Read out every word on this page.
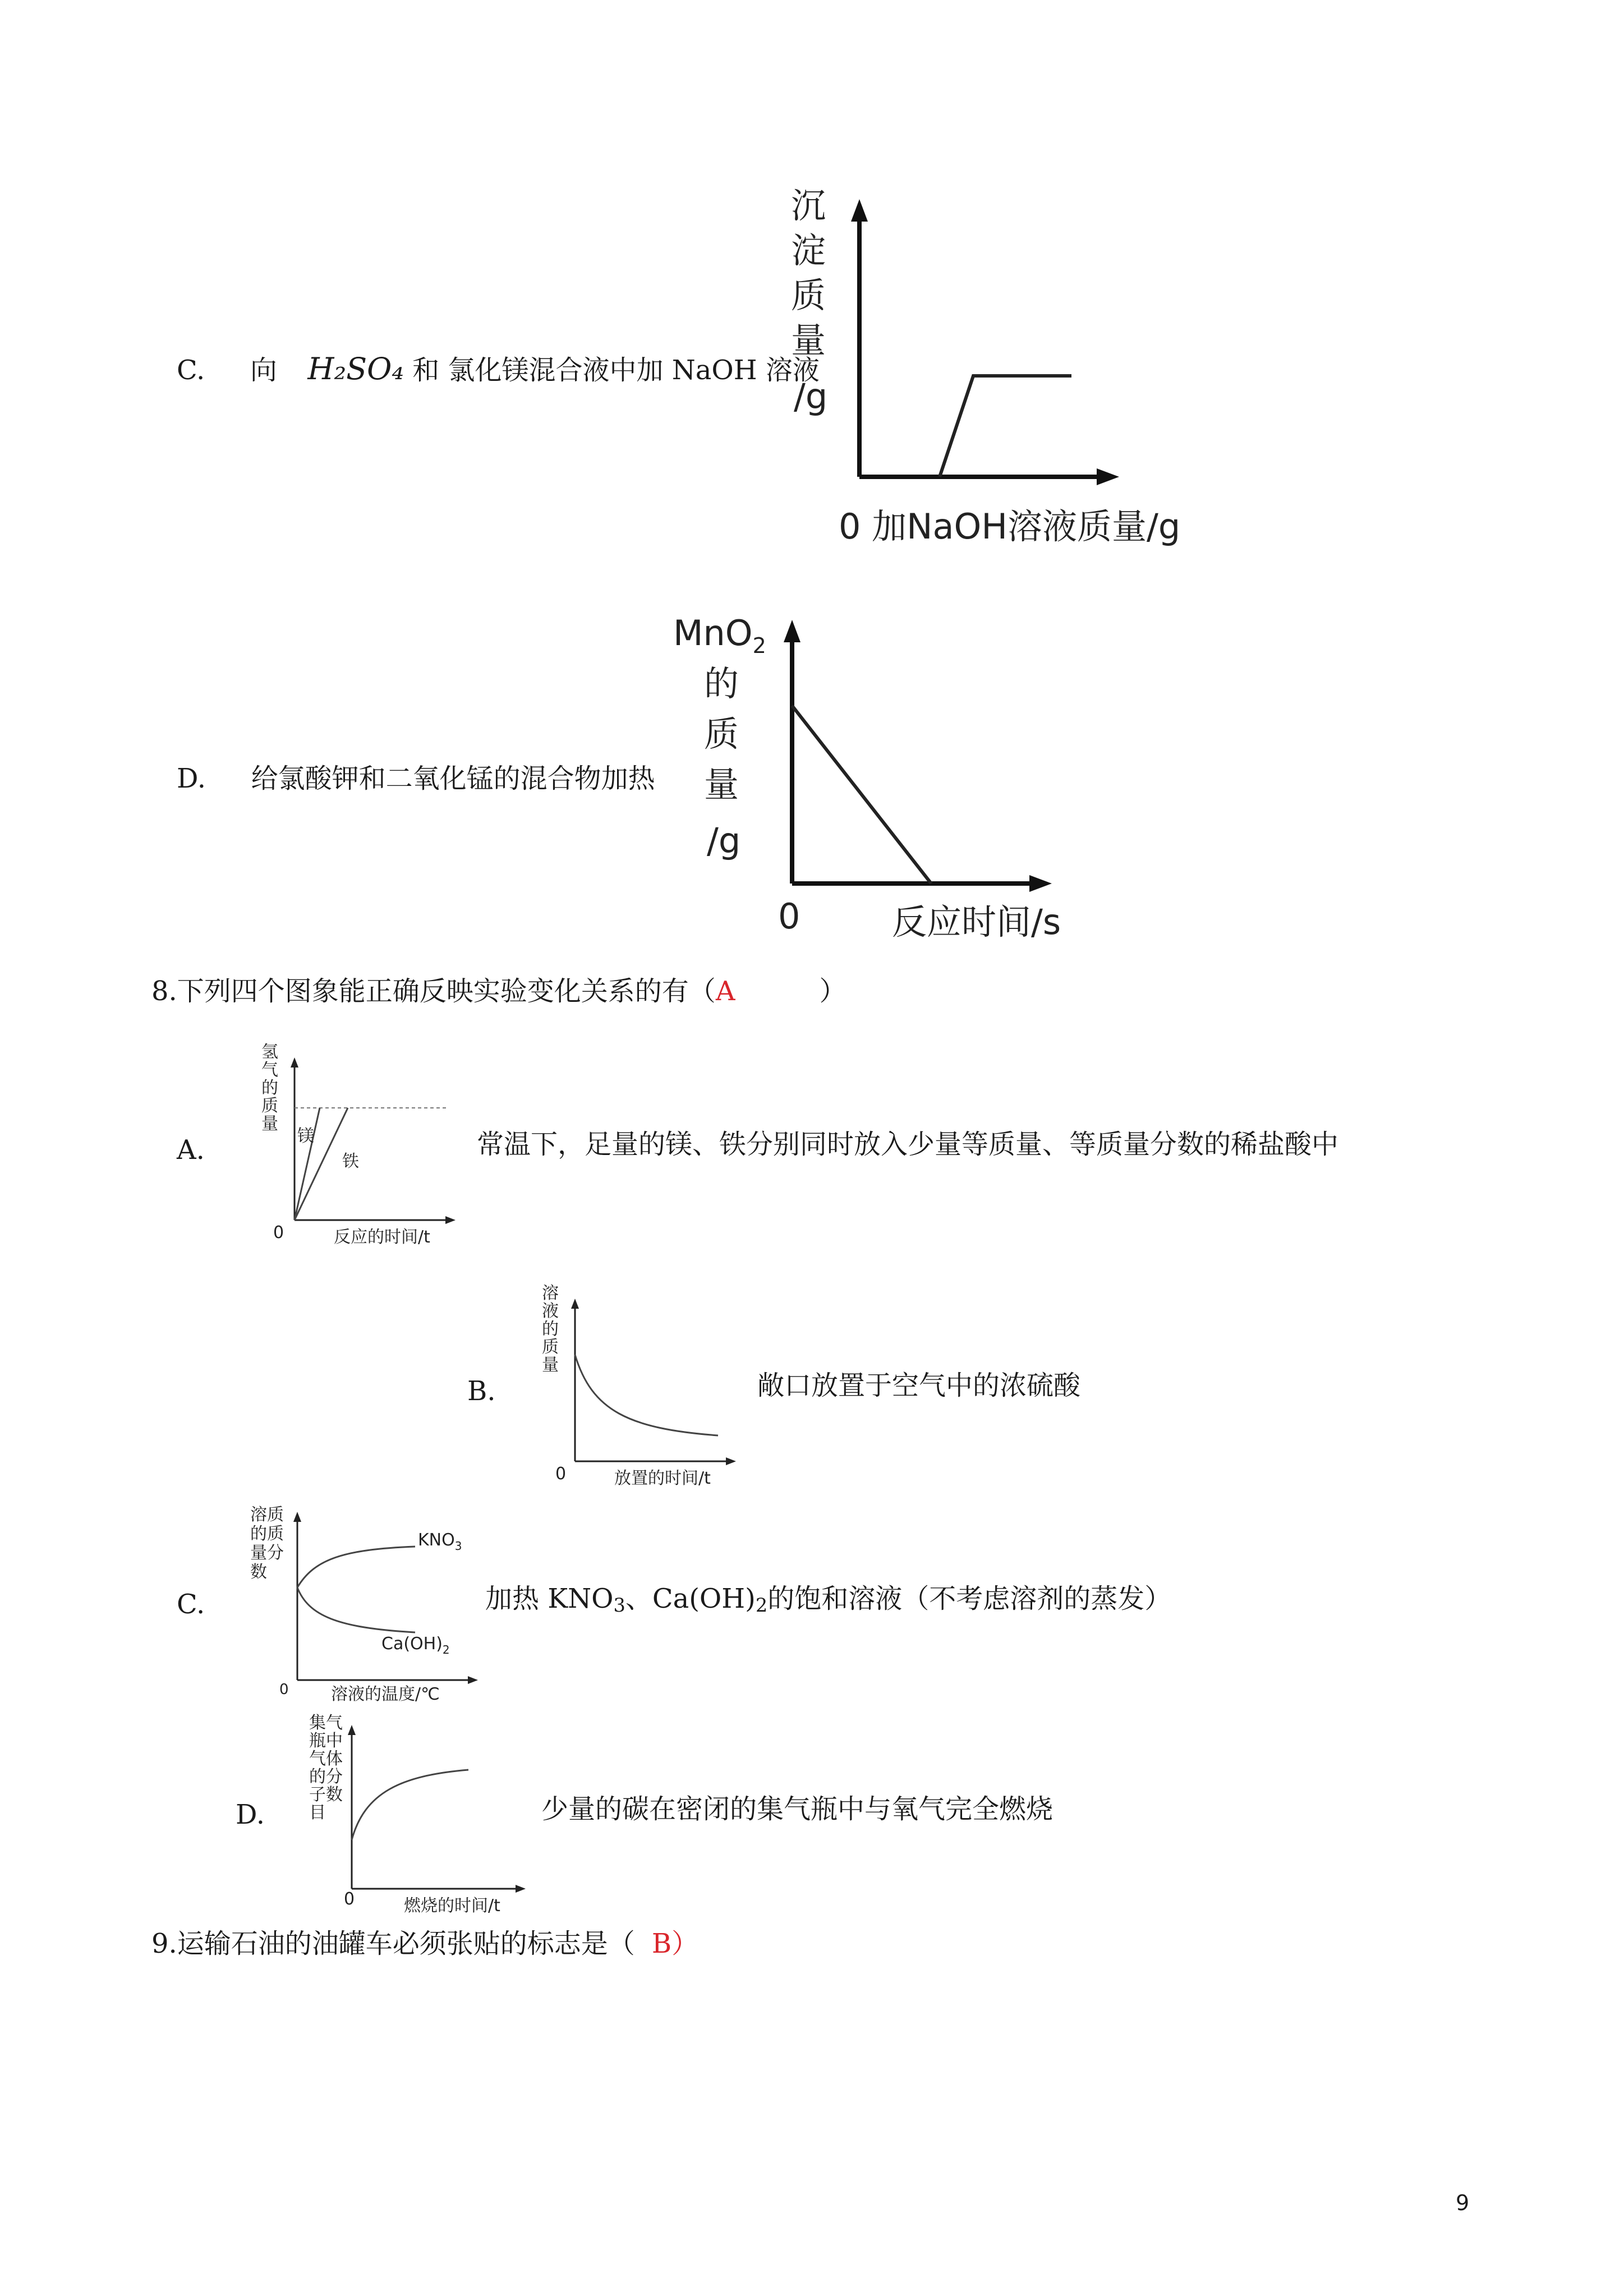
C. 向 H₂SO₄ 和 氯化镁混合液中加 NaOH 溶液
沉
淀
质
量
/g
0 加NaOH溶液质量/g
D. 给氯酸钾和二氧化锰的混合物加热
MnO$_2$
的
质
量
/g
0	反应时间/s
8.下列四个图象能正确反映实验变化关系的有（A	）
A.	常温下，足量的镁、铁分别同时放入少量等质量、等质量分数的稀盐酸中
氢
气
的
质
量
镁
铁
0	反应的时间/t
B.	敞口放置于空气中的浓硫酸
溶
液
的
质
量
0	放置的时间/t
C.	加热 $KNO_3$、$Ca(OH)_2$的饱和溶液（不考虑溶剂的蒸发）
溶质
的质
量分
数
$KNO_3$
$Ca(OH)_2$
0	溶液的温度/℃
D.	少量的碳在密闭的集气瓶中与氧气完全燃烧
集气
瓶中
气体
的分
子数
目
0	燃烧的时间/t
9.运输石油的油罐车必须张贴的标志是（ B）
9
